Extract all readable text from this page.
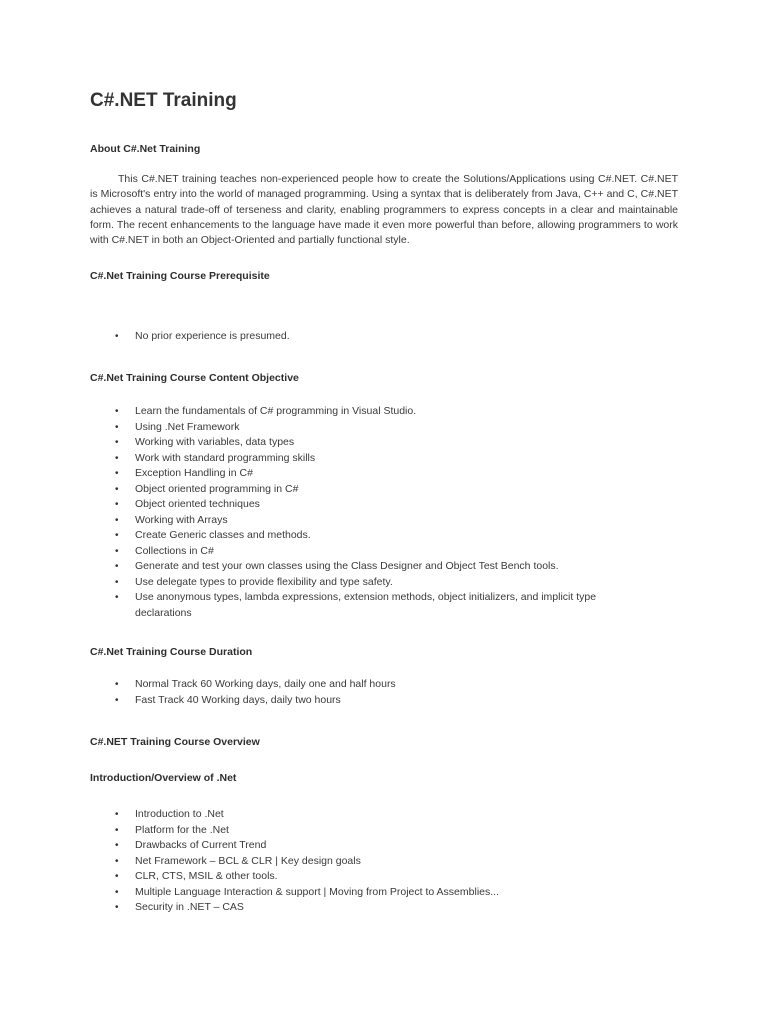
C#.NET Training
About C#.Net Training

This C#.NET training teaches non-experienced people how to create the Solutions/Applications using C#.NET. C#.NET is Microsoft's entry into the world of managed programming. Using a syntax that is deliberately from Java, C++ and C, C#.NET achieves a natural trade-off of terseness and clarity, enabling programmers to express concepts in a clear and maintainable form. The recent enhancements to the language have made it even more powerful than before, allowing programmers to work with C#.NET in both an Object-Oriented and partially functional style.

C#.Net Training Course Prerequisite
• No prior experience is presumed.
C#.Net Training Course Content Objective
• Learn the fundamentals of C# programming in Visual Studio.
• Using .Net Framework
• Working with variables, data types
• Work with standard programming skills
• Exception Handling in C#
• Object oriented programming in C#
• Object oriented techniques
• Working with Arrays
• Create Generic classes and methods.
• Collections in C#
• Generate and test your own classes using the Class Designer and Object Test Bench tools.
• Use delegate types to provide flexibility and type safety.
• Use anonymous types, lambda expressions, extension methods, object initializers, and implicit type declarations
C#.Net Training Course Duration
• Normal Track 60 Working days, daily one and half hours
• Fast Track 40 Working days, daily two hours
C#.NET Training Course Overview
Introduction/Overview of .Net
• Introduction to .Net
• Platform for the .Net
• Drawbacks of Current Trend
• Net Framework – BCL & CLR | Key design goals
• CLR, CTS, MSIL & other tools.
• Multiple Language Interaction & support | Moving from Project to Assemblies...
• Security in .NET – CAS
